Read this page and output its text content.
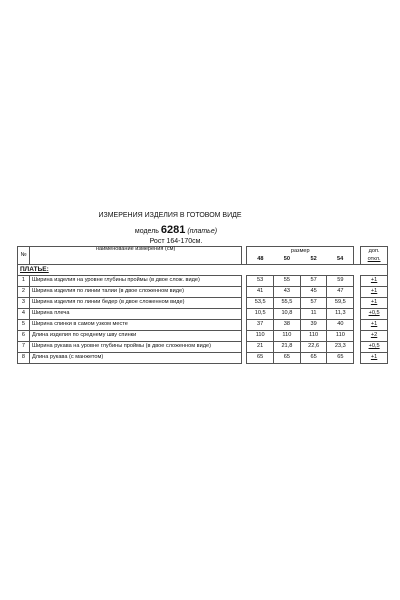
ИЗМЕРЕНИЯ ИЗДЕЛИЯ В ГОТОВОМ ВИДЕ
модель 6281 (платье)
Рост 164-170см.
№	наименование измерения (см)		размер					доп.
			48	50	52	54		откл.
ПЛАТЬЕ:								
1	Ширина изделия на уровне глубины проймы (в двое слож. виде)		53	55	57	59		+1
2	Ширина изделия по линии талии (в двое сложенном виде)		41	43	45	47		+1
3	Ширина изделия по линии бедер (в двое сложенном виде)		53,5	55,5	57	59,5		+1
4	Ширина плеча		10,5	10,8	11	11,3		+0,5
5	Ширина спинки в самом узком месте		37	38	39	40		+1
6	Длина изделия по среднему шву спинки		110	110	110	110		+2
7	Ширина рукава на уровне глубины проймы (в двое сложенном виде)		21	21,8	22,6	23,3		+0,5
8	Длина рукава (с манжетом)		65	65	65	65		+1
